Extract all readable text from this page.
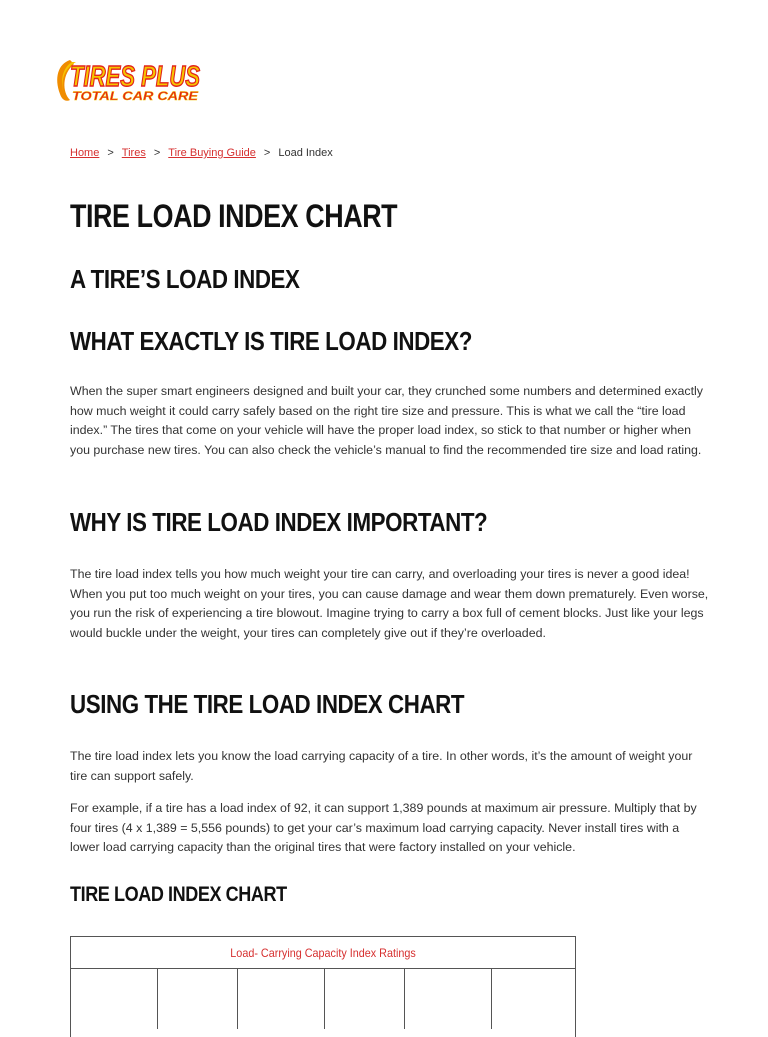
TIRES PLUS
TOTAL CAR CARE
Home > Tires > Tire Buying Guide > Load Index
TIRE LOAD INDEX CHART
A TIRE’S LOAD INDEX
WHAT EXACTLY IS TIRE LOAD INDEX?

When the super smart engineers designed and built your car, they crunched some numbers and determined exactly how much weight it could carry safely based on the right tire size and pressure. This is what we call the “tire load index.” The tires that come on your vehicle will have the proper load index, so stick to that number or higher when you purchase new tires. You can also check the vehicle’s manual to find the recommended tire size and load rating.

WHY IS TIRE LOAD INDEX IMPORTANT?

The tire load index tells you how much weight your tire can carry, and overloading your tires is never a good idea! When you put too much weight on your tires, you can cause damage and wear them down prematurely. Even worse, you run the risk of experiencing a tire blowout. Imagine trying to carry a box full of cement blocks. Just like your legs would buckle under the weight, your tires can completely give out if they’re overloaded.

USING THE TIRE LOAD INDEX CHART

The tire load index lets you know the load carrying capacity of a tire. In other words, it’s the amount of weight your tire can support safely.

For example, if a tire has a load index of 92, it can support 1,389 pounds at maximum air pressure. Multiply that by four tires (4 x 1,389 = 5,556 pounds) to get your car’s maximum load carrying capacity. Never install tires with a lower load carrying capacity than the original tires that were factory installed on your vehicle.

TIRE LOAD INDEX CHART
Load- Carrying Capacity Index Ratings
